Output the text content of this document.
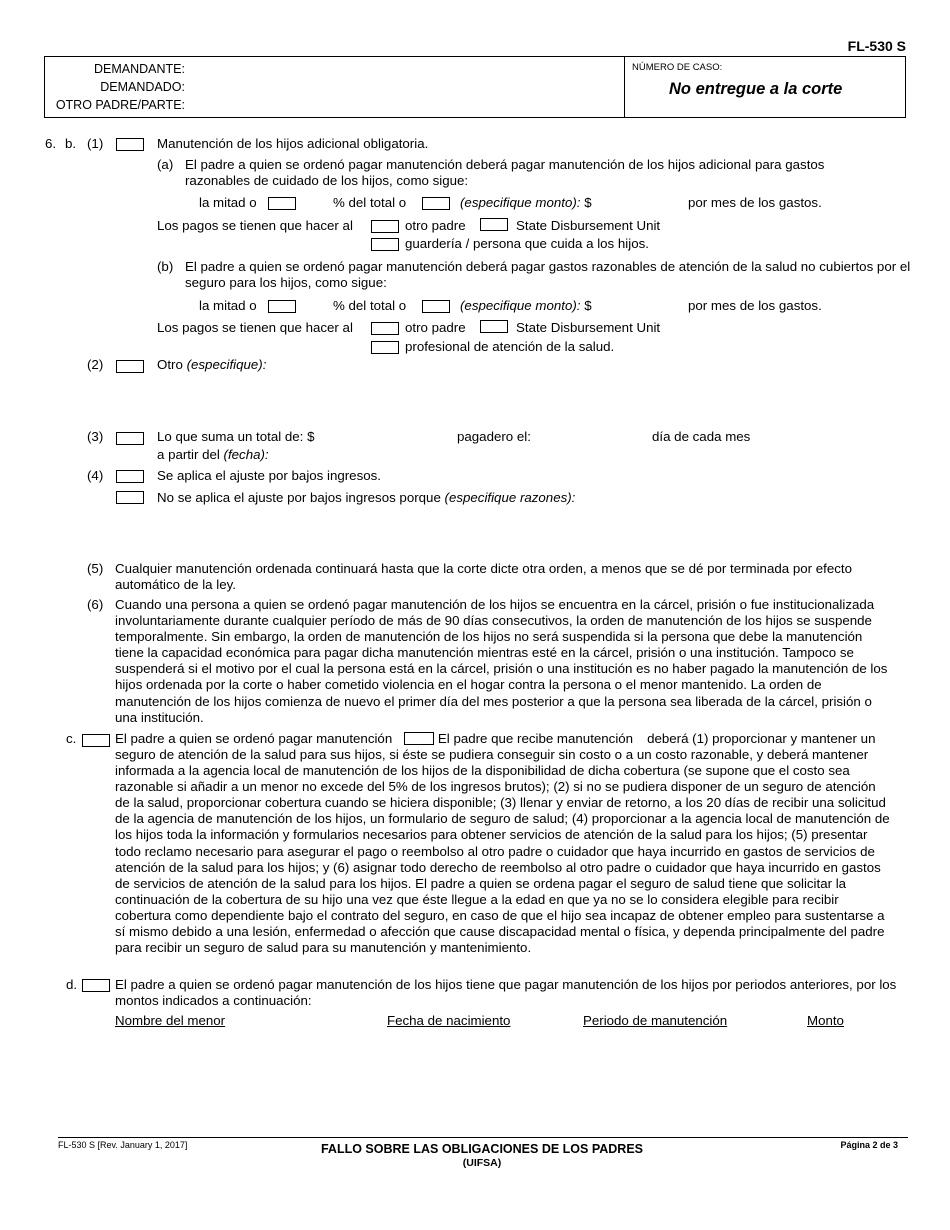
FL-530 S
DEMANDANTE:
DEMANDADO:
OTRO PADRE/PARTE:
NÚMERO DE CASO:
No entregue a la corte
6. b. (1)	Manutención de los hijos adicional obligatoria.
(a) El padre a quien se ordenó pagar manutención deberá pagar manutención de los hijos adicional para gastos razonables de cuidado de los hijos, como sigue:
la mitad o	% del total o	(especifique monto): $	por mes de los gastos.
Los pagos se tienen que hacer al	otro padre	State Disbursement Unit
guardería / persona que cuida a los hijos.
(b) El padre a quien se ordenó pagar manutención deberá pagar gastos razonables de atención de la salud no cubiertos por el seguro para los hijos, como sigue:
la mitad o	% del total o	(especifique monto): $	por mes de los gastos.
Los pagos se tienen que hacer al	otro padre	State Disbursement Unit
profesional de atención de la salud.
(2)	Otro (especifique):
(3)	Lo que suma un total de: $	pagadero el:	día de cada mes
a partir del (fecha):
(4)	Se aplica el ajuste por bajos ingresos.
No se aplica el ajuste por bajos ingresos porque (especifique razones):
(5) Cualquier manutención ordenada continuará hasta que la corte dicte otra orden, a menos que se dé por terminada por efecto automático de la ley.
(6) Cuando una persona a quien se ordenó pagar manutención de los hijos se encuentra en la cárcel, prisión o fue institucionalizada involuntariamente durante cualquier período de más de 90 días consecutivos, la orden de manutención de los hijos se suspende temporalmente. Sin embargo, la orden de manutención de los hijos no será suspendida si la persona que debe la manutención tiene la capacidad económica para pagar dicha manutención mientras esté en la cárcel, prisión o una institución. Tampoco se suspenderá si el motivo por el cual la persona está en la cárcel, prisión o una institución es no haber pagado la manutención de los hijos ordenada por la corte o haber cometido violencia en el hogar contra la persona o el menor mantenido. La orden de manutención de los hijos comienza de nuevo el primer día del mes posterior a que la persona sea liberada de la cárcel, prisión o una institución.
c.	El padre a quien se ordenó pagar manutención	El padre que recibe manutención deberá (1) proporcionar y mantener un seguro de atención de la salud para sus hijos, si éste se pudiera conseguir sin costo o a un costo razonable, y deberá mantener informada a la agencia local de manutención de los hijos de la disponibilidad de dicha cobertura (se supone que el costo sea razonable si añadir a un menor no excede del 5% de los ingresos brutos); (2) si no se pudiera disponer de un seguro de atención de la salud, proporcionar cobertura cuando se hiciera disponible; (3) llenar y enviar de retorno, a los 20 días de recibir una solicitud de la agencia de manutención de los hijos, un formulario de seguro de salud; (4) proporcionar a la agencia local de manutención de los hijos toda la información y formularios necesarios para obtener servicios de atención de la salud para los hijos; (5) presentar todo reclamo necesario para asegurar el pago o reembolso al otro padre o cuidador que haya incurrido en gastos de servicios de atención de la salud para los hijos; y (6) asignar todo derecho de reembolso al otro padre o cuidador que haya incurrido en gastos de servicios de atención de la salud para los hijos. El padre a quien se ordena pagar el seguro de salud tiene que solicitar la continuación de la cobertura de su hijo una vez que éste llegue a la edad en que ya no se lo considera elegible para recibir cobertura como dependiente bajo el contrato del seguro, en caso de que el hijo sea incapaz de obtener empleo para sustentarse a sí mismo debido a una lesión, enfermedad o afección que cause discapacidad mental o física, y dependa principalmente del padre para recibir un seguro de salud para su manutención y mantenimiento.
d.	El padre a quien se ordenó pagar manutención de los hijos tiene que pagar manutención de los hijos por periodos anteriores, por los montos indicados a continuación:
Nombre del menor	Fecha de nacimiento	Periodo de manutención	Monto
FL-530 S [Rev. January 1, 2017]	FALLO SOBRE LAS OBLIGACIONES DE LOS PADRES
(UIFSA)
Página 2 de 3
